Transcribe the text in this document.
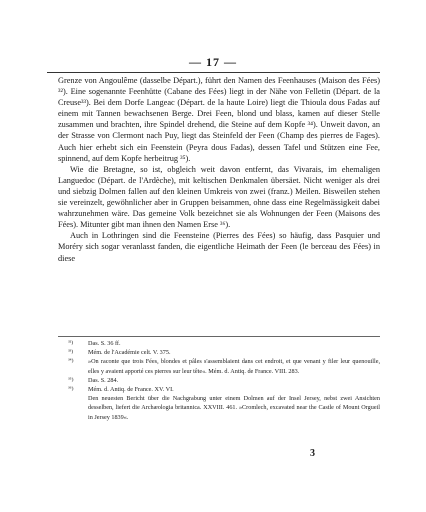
— 17 —

Grenze von Angoulême (dasselbe Départ.), führt den Namen des Feenhauses (Maison des Fées) ³²). Eine sogenannte Feenhütte (Cabane des Fées) liegt in der Nähe von Felletin (Départ. de la Creuse³³). Bei dem Dorfe Langeac (Départ. de la haute Loire) liegt die Thioula dous Fadas auf einem mit Tannen bewachsenen Berge. Drei Feen, blond und blass, kamen auf dieser Stelle zusammen und brachten, ihre Spindel drehend, die Steine auf dem Kopfe ³⁴). Unweit davon, an der Strasse von Clermont nach Puy, liegt das Steinfeld der Feen (Champ des pierres de Fages). Auch hier erhebt sich ein Feenstein (Peyra dous Fadas), dessen Tafel und Stützen eine Fee, spinnend, auf dem Kopfe herbeitrug ³⁵).

Wie die Bretagne, so ist, obgleich weit davon entfernt, das Vivarais, im ehemaligen Languedoc (Départ. de l'Ardèche), mit keltischen Denkmalen übersäet. Nicht weniger als drei und siebzig Dolmen fallen auf den kleinen Umkreis von zwei (franz.) Meilen. Bisweilen stehen sie vereinzelt, gewöhnlicher aber in Gruppen beisammen, ohne dass eine Regelmässigkeit dabei wahrzunehmen wäre. Das gemeine Volk bezeichnet sie als Wohnungen der Feen (Maisons des Fées). Mitunter gibt man ihnen den Namen Erse ³⁶).

Auch in Lothringen sind die Feensteine (Pierres des Fées) so häufig, dass Pasquier und Moréry sich sogar veranlasst fanden, die eigentliche Heimath der Feen (le berceau des Fées) in diese

³²)	Das. S. 36 ff.
³³)	Mém. de l'Académie celt. V. 375.
³⁴)	»On raconte que trois Fées, blondes et pâles s'assemblaient dans cet endroit, et que venant y filer leur quenouille, elles y avaient apporté ces pierres sur leur tête«. Mém. d. Antiq. de France. VIII. 283.
³⁵)	Das. S. 284.
³⁶)	Mém. d. Antiq. de France. XV. VI.
Den neuesten Bericht über die Nachgrabung unter einem Dolmen auf der Insel Jersey, nebst zwei Ansichten desselben, liefert die Archæologia britannica. XXVIII. 461. »Cromlech, excavated near the Castle of Mount Orgueil in Jersey 1839«.
3
